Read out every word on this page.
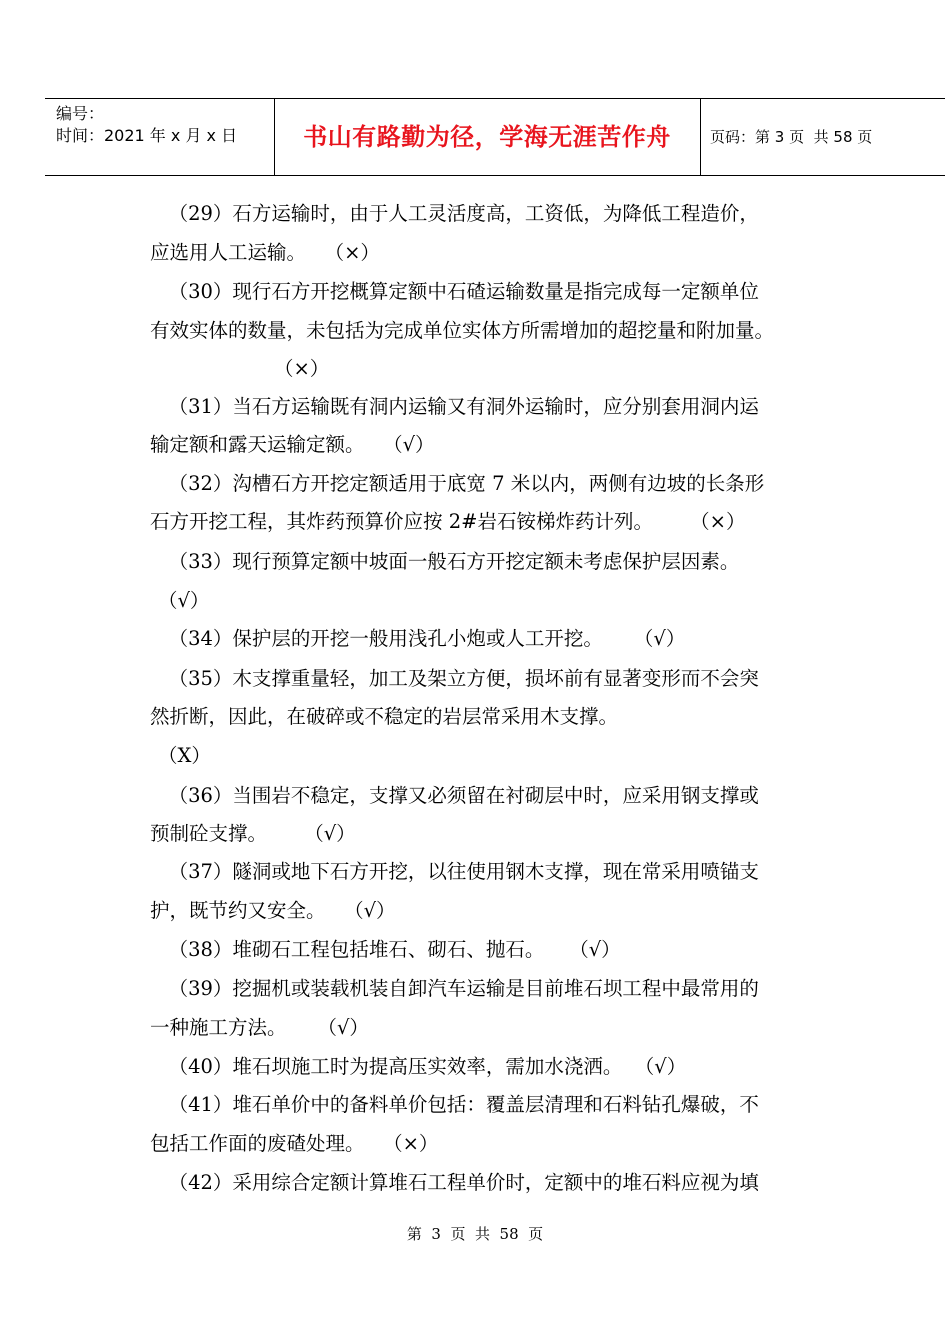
编号：
时间：2021 年 x 月 x 日	书山有路勤为径，学海无涯苦作舟	页码：第 3 页  共 58 页
（29）石方运输时，由于人工灵活度高，工资低，为降低工程造价，
应选用人工运输。   （×）
（30）现行石方开挖概算定额中石碴运输数量是指完成每一定额单位
有效实体的数量，未包括为完成单位实体方所需增加的超挖量和附加量。
（×）
（31）当石方运输既有洞内运输又有洞外运输时，应分别套用洞内运
输定额和露天运输定额。   （√）
（32）沟槽石方开挖定额适用于底宽 7 米以内，两侧有边坡的长条形
石方开挖工程，其炸药预算价应按 2#岩石铵梯炸药计列。      （×）
（33）现行预算定额中坡面一般石方开挖定额未考虑保护层因素。
（√）
（34）保护层的开挖一般用浅孔小炮或人工开挖。     （√）
（35）木支撑重量轻，加工及架立方便，损坏前有显著变形而不会突
然折断，因此，在破碎或不稳定的岩层常采用木支撑。
（X）
（36）当围岩不稳定，支撑又必须留在衬砌层中时，应采用钢支撑或
预制砼支撑。      （√）
（37）隧洞或地下石方开挖，以往使用钢木支撑，现在常采用喷锚支
护，既节约又安全。   （√）
（38）堆砌石工程包括堆石、砌石、抛石。    （√）
（39）挖掘机或装载机装自卸汽车运输是目前堆石坝工程中最常用的
一种施工方法。     （√）
（40）堆石坝施工时为提高压实效率，需加水浇洒。  （√）
（41）堆石单价中的备料单价包括：覆盖层清理和石料钻孔爆破，不
包括工作面的废碴处理。   （×）
（42）采用综合定额计算堆石工程单价时，定额中的堆石料应视为填
第  3  页  共  58  页
